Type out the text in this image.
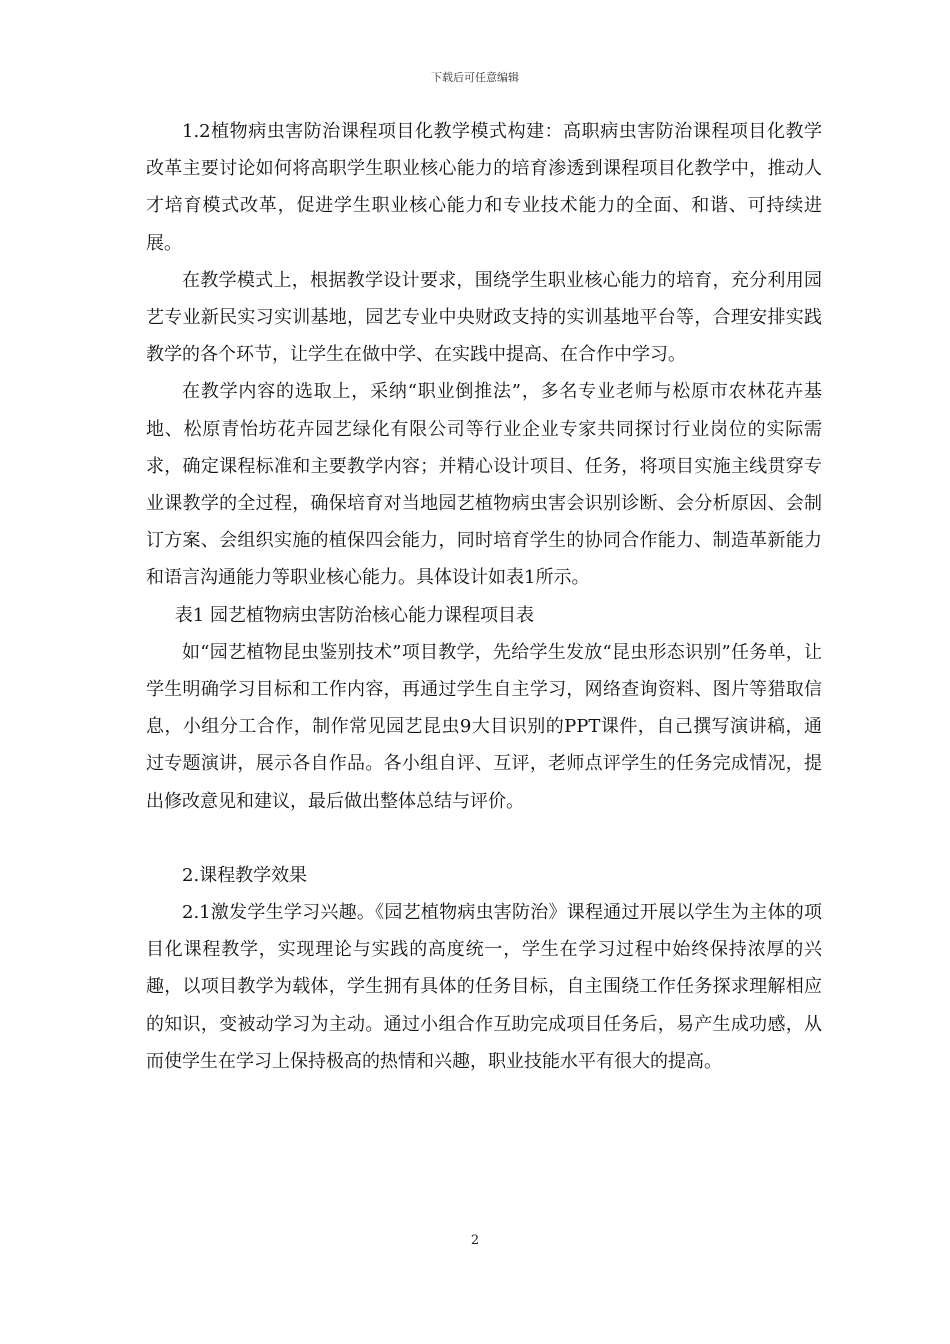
下载后可任意编辑

1.2植物病虫害防治课程项目化教学模式构建：高职病虫害防治课程项目化教学改革主要讨论如何将高职学生职业核心能力的培育渗透到课程项目化教学中，推动人才培育模式改革，促进学生职业核心能力和专业技术能力的全面、和谐、可持续进展。

在教学模式上，根据教学设计要求，围绕学生职业核心能力的培育，充分利用园艺专业新民实习实训基地，园艺专业中央财政支持的实训基地平台等，合理安排实践教学的各个环节，让学生在做中学、在实践中提高、在合作中学习。

在教学内容的选取上，采纳“职业倒推法”，多名专业老师与松原市农林花卉基地、松原青怡坊花卉园艺绿化有限公司等行业企业专家共同探讨行业岗位的实际需求，确定课程标准和主要教学内容；并精心设计项目、任务，将项目实施主线贯穿专业课教学的全过程，确保培育对当地园艺植物病虫害会识别诊断、会分析原因、会制订方案、会组织实施的植保四会能力，同时培育学生的协同合作能力、制造革新能力和语言沟通能力等职业核心能力。具体设计如表1所示。

表1 园艺植物病虫害防治核心能力课程项目表

如“园艺植物昆虫鉴别技术”项目教学，先给学生发放“昆虫形态识别”任务单，让学生明确学习目标和工作内容，再通过学生自主学习，网络查询资料、图片等猎取信息，小组分工合作，制作常见园艺昆虫9大目识别的PPT课件，自己撰写演讲稿，通过专题演讲，展示各自作品。各小组自评、互评，老师点评学生的任务完成情况，提出修改意见和建议，最后做出整体总结与评价。

2.课程教学效果

2.1激发学生学习兴趣。《园艺植物病虫害防治》课程通过开展以学生为主体的项目化课程教学，实现理论与实践的高度统一，学生在学习过程中始终保持浓厚的兴趣，以项目教学为载体，学生拥有具体的任务目标，自主围绕工作任务探求理解相应的知识，变被动学习为主动。通过小组合作互助完成项目任务后，易产生成功感，从而使学生在学习上保持极高的热情和兴趣，职业技能水平有很大的提高。

2
